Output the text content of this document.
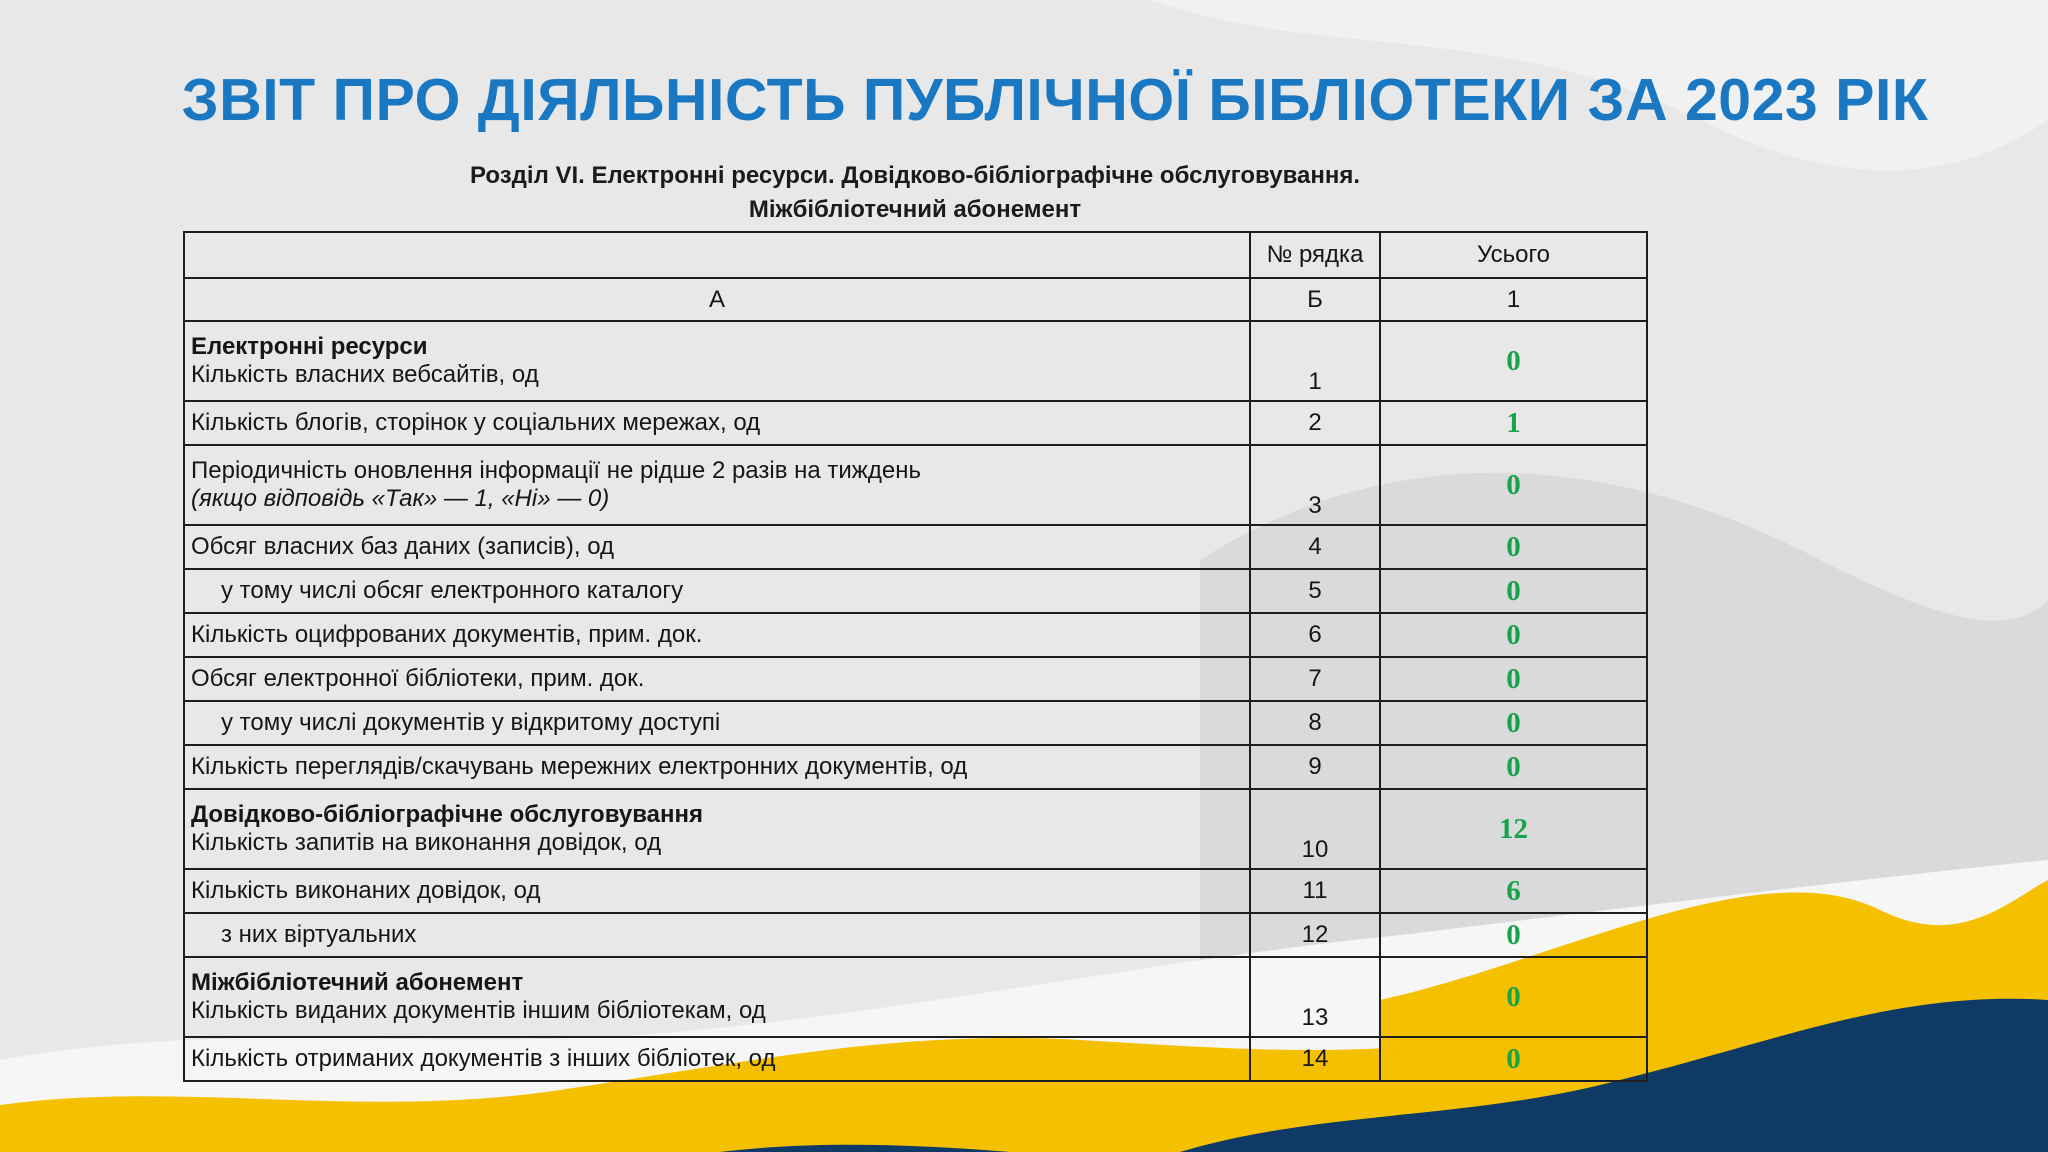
ЗВІТ ПРО ДІЯЛЬНІСТЬ ПУБЛІЧНОЇ БІБЛІОТЕКИ ЗА 2023 РІК
Розділ VI. Електронні ресурси. Довідково-бібліографічне обслуговування.
Міжбібліотечний абонемент
	№ рядка	Усього
А	Б	1

Електронні ресурси
Кількість власних вебсайтів, од	1	0
Кількість блогів, сторінок у соціальних мережах, од	2	1

Періодичність оновлення інформації не рідше 2 разів на тиждень
(якщо відповідь «Так» — 1, «Ні» — 0)	3	0
Обсяг власних баз даних (записів), од	4	0
у тому числі обсяг електронного каталогу	5	0
Кількість оцифрованих документів, прим. док.	6	0
Обсяг електронної бібліотеки, прим. док.	7	0
у тому числі документів у відкритому доступі	8	0
Кількість переглядів/скачувань мережних електронних документів, од	9	0

Довідково-бібліографічне обслуговування
Кількість запитів на виконання довідок, од	10	12
Кількість виконаних довідок, од	11	6
з них віртуальних	12	0

Міжбібліотечний абонемент
Кількість виданих документів іншим бібліотекам, од	13	0
Кількість отриманих документів з інших бібліотек, од	14	0
